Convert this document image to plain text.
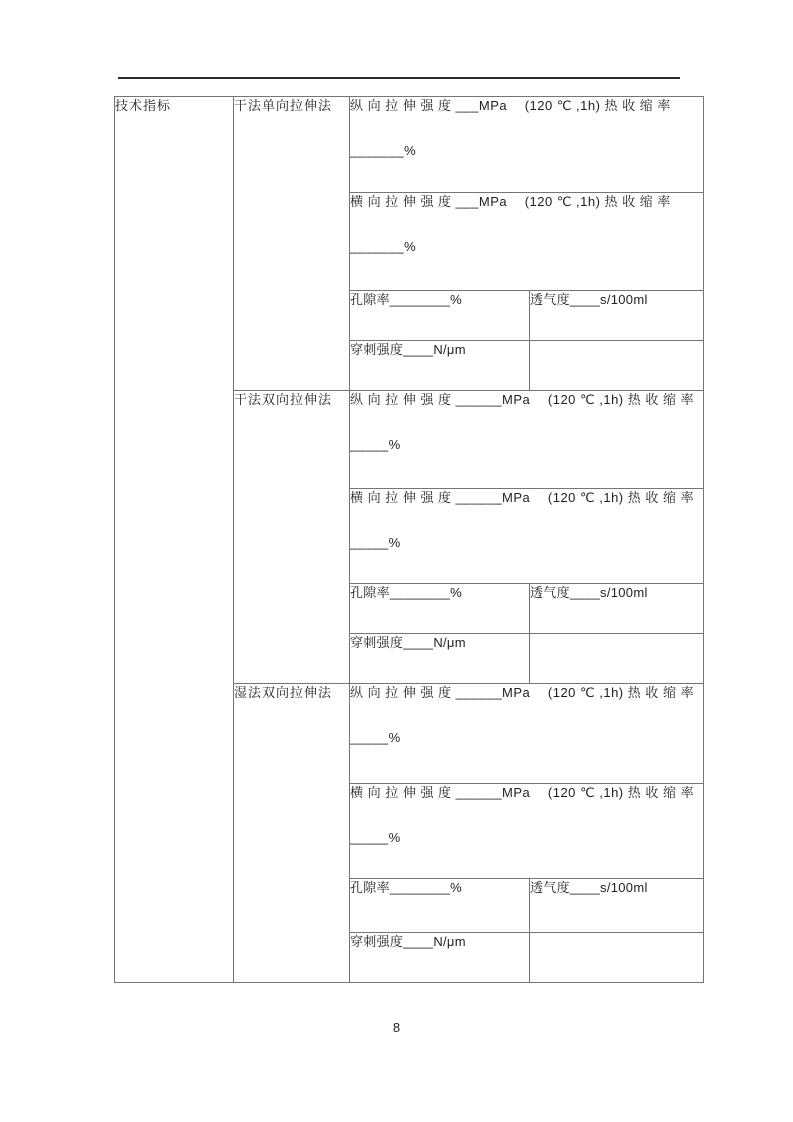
技术指标	干法单向拉伸法	纵 向 拉 伸 强 度 ___MPa　 (120 ℃ ,1h) 热 收 缩 率
_______%	

		横 向 拉 伸 强 度 ___MPa　 (120 ℃ ,1h) 热 收 缩 率
_______%	

		孔隙率________%	透气度____s/100ml
		穿刺强度____N/μm	
	干法双向拉伸法	纵 向 拉 伸 强 度 ______MPa　 (120 ℃ ,1h) 热 收 缩 率
_____%	

		横 向 拉 伸 强 度 ______MPa　 (120 ℃ ,1h) 热 收 缩 率
_____%	

		孔隙率________%	透气度____s/100ml
		穿刺强度____N/μm	
	湿法双向拉伸法	纵 向 拉 伸 强 度 ______MPa　 (120 ℃ ,1h) 热 收 缩 率
_____%	

		横 向 拉 伸 强 度 ______MPa　 (120 ℃ ,1h) 热 收 缩 率
_____%	

		孔隙率________%	透气度____s/100ml
		穿刺强度____N/μm	
8
